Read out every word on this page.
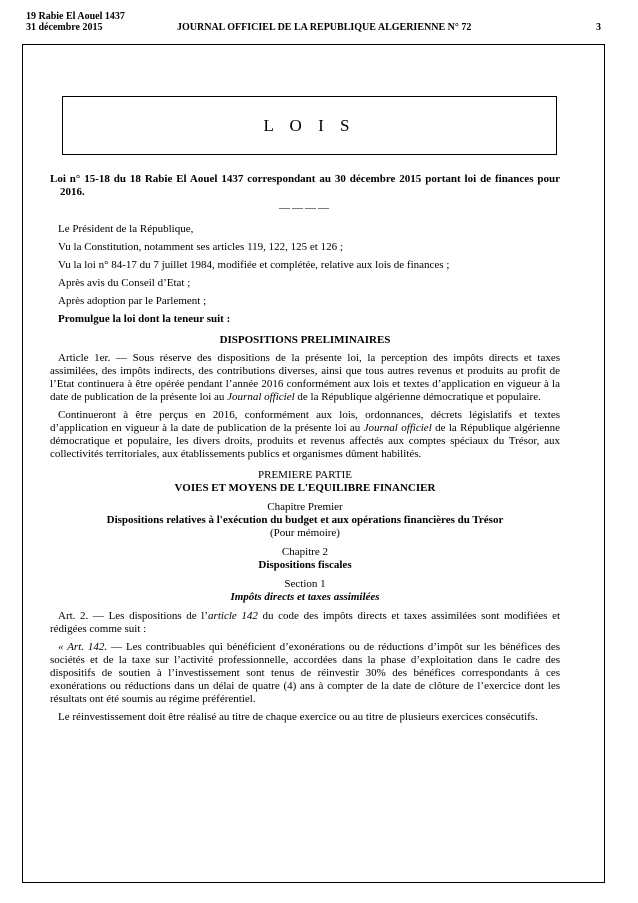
19 Rabie El Aouel 1437
31 décembre 2015	JOURNAL OFFICIEL DE LA REPUBLIQUE ALGERIENNE N° 72	3
L O I S
Loi n° 15-18 du 18 Rabie El Aouel 1437 correspondant au 30 décembre 2015 portant loi de finances pour 2016.
————
Le Président de la République,
Vu la Constitution, notamment ses articles 119, 122, 125 et 126 ;
Vu la loi n° 84-17 du 7 juillet 1984, modifiée et complétée, relative aux lois de finances ;
Après avis du Conseil d’Etat ;
Après adoption par le Parlement ;
Promulgue la loi dont la teneur suit :
DISPOSITIONS PRELIMINAIRES
Article 1er. — Sous réserve des dispositions de la présente loi, la perception des impôts directs et taxes assimilées, des impôts indirects, des contributions diverses, ainsi que tous autres revenus et produits au profit de l’Etat continuera à être opérée pendant l’année 2016 conformément aux lois et textes d’application en vigueur à la date de publication de la présente loi au Journal officiel de la République algérienne démocratique et populaire.
Continueront à être perçus en 2016, conformément aux lois, ordonnances, décrets législatifs et textes d’application en vigueur à la date de publication de la présente loi au Journal officiel de la République algérienne démocratique et populaire, les divers droits, produits et revenus affectés aux comptes spéciaux du Trésor, aux collectivités territoriales, aux établissements publics et organismes dûment habilités.
PREMIERE PARTIE
VOIES ET MOYENS DE L'EQUILIBRE FINANCIER
Chapitre Premier
Dispositions relatives à l'exécution du budget et aux opérations financières du Trésor
(Pour mémoire)
Chapitre 2
Dispositions fiscales
Section 1
Impôts directs et taxes assimilées
Art. 2. — Les dispositions de l’article 142 du code des impôts directs et taxes assimilées sont modifiées et rédigées comme suit :
« Art. 142. — Les contribuables qui bénéficient d’exonérations ou de réductions d’impôt sur les bénéfices des sociétés et de la taxe sur l’activité professionnelle, accordées dans la phase d’exploitation dans le cadre des dispositifs de soutien à l’investissement sont tenus de réinvestir 30% des bénéfices correspondants à ces exonérations ou réductions dans un délai de quatre (4) ans à compter de la date de clôture de l’exercice dont les résultats ont été soumis au régime préférentiel.
Le réinvestissement doit être réalisé au titre de chaque exercice ou au titre de plusieurs exercices consécutifs.
